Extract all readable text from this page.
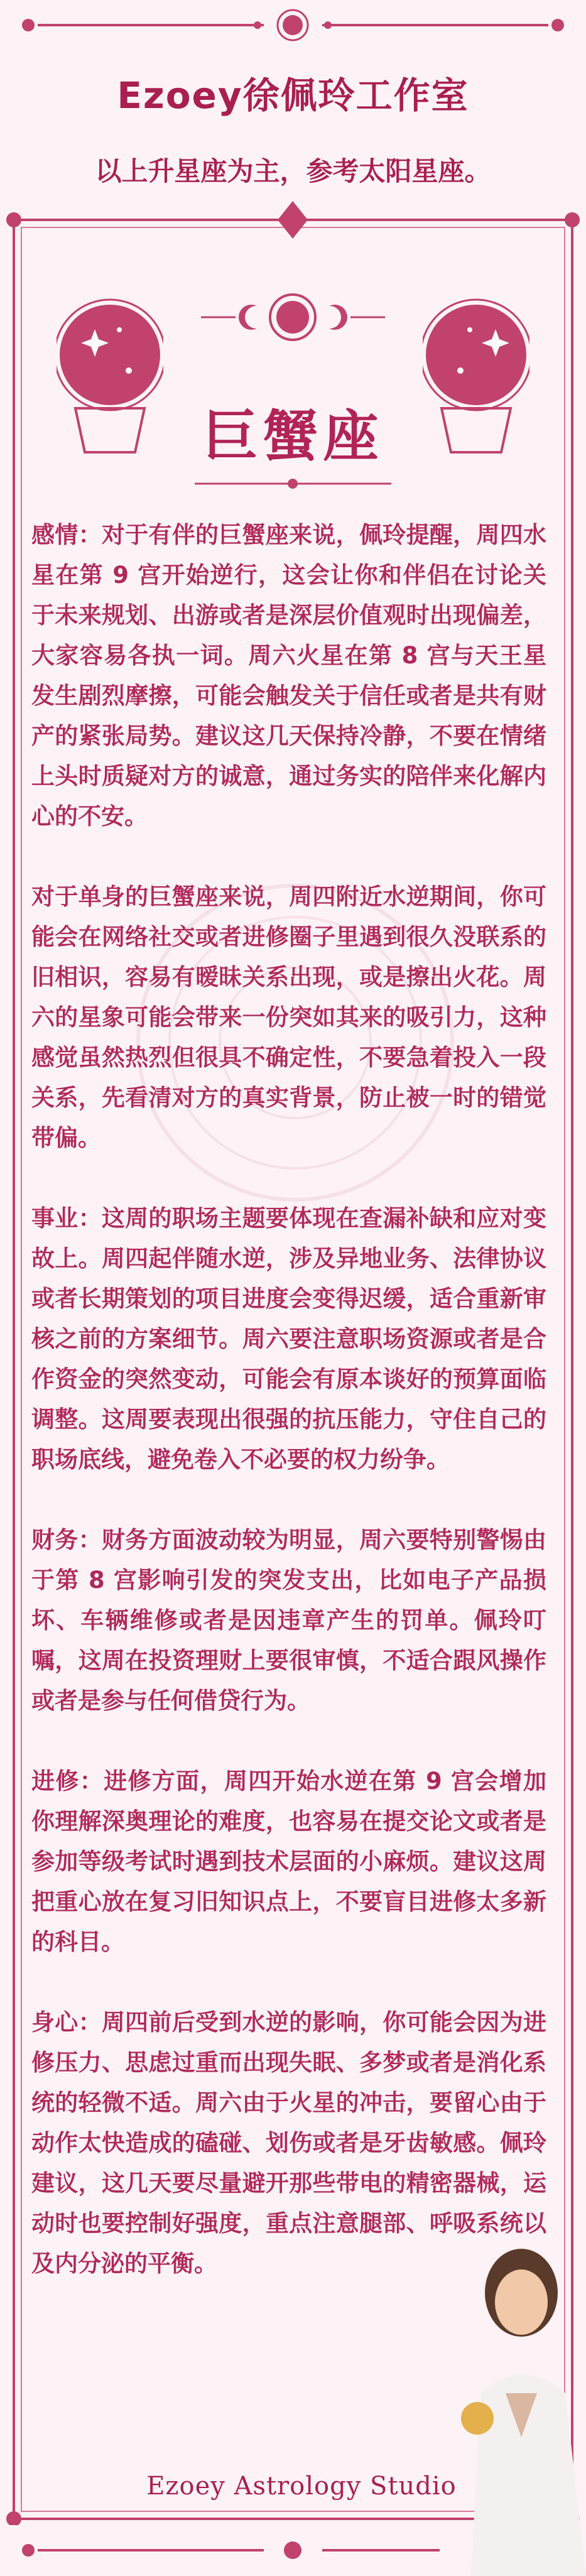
Ezoey徐佩玲工作室
以上升星座为主，参考太阳星座。
巨蟹座

感情：对于有伴的巨蟹座来说，佩玲提醒，周四水星在第 9 宫开始逆行，这会让你和伴侣在讨论关于未来规划、出游或者是深层价值观时出现偏差，大家容易各执一词。周六火星在第 8 宫与天王星发生剧烈摩擦，可能会触发关于信任或者是共有财产的紧张局势。建议这几天保持冷静，不要在情绪上头时质疑对方的诚意，通过务实的陪伴来化解内心的不安。

对于单身的巨蟹座来说，周四附近水逆期间，你可能会在网络社交或者进修圈子里遇到很久没联系的旧相识，容易有暧昧关系出现，或是擦出火花。周六的星象可能会带来一份突如其来的吸引力，这种感觉虽然热烈但很具不确定性，不要急着投入一段关系，先看清对方的真实背景，防止被一时的错觉带偏。

事业：这周的职场主题要体现在查漏补缺和应对变故上。周四起伴随水逆，涉及异地业务、法律协议或者长期策划的项目进度会变得迟缓，适合重新审核之前的方案细节。周六要注意职场资源或者是合作资金的突然变动，可能会有原本谈好的预算面临调整。这周要表现出很强的抗压能力，守住自己的职场底线，避免卷入不必要的权力纷争。

财务：财务方面波动较为明显，周六要特别警惕由于第 8 宫影响引发的突发支出，比如电子产品损坏、车辆维修或者是因违章产生的罚单。佩玲叮嘱，这周在投资理财上要很审慎，不适合跟风操作或者是参与任何借贷行为。

进修：进修方面，周四开始水逆在第 9 宫会增加你理解深奥理论的难度，也容易在提交论文或者是参加等级考试时遇到技术层面的小麻烦。建议这周把重心放在复习旧知识点上，不要盲目进修太多新的科目。

身心：周四前后受到水逆的影响，你可能会因为进修压力、思虑过重而出现失眠、多梦或者是消化系统的轻微不适。周六由于火星的冲击，要留心由于动作太快造成的磕碰、划伤或者是牙齿敏感。佩玲建议，这几天要尽量避开那些带电的精密器械，运动时也要控制好强度，重点注意腿部、呼吸系统以及内分泌的平衡。

Ezoey Astrology Studio
